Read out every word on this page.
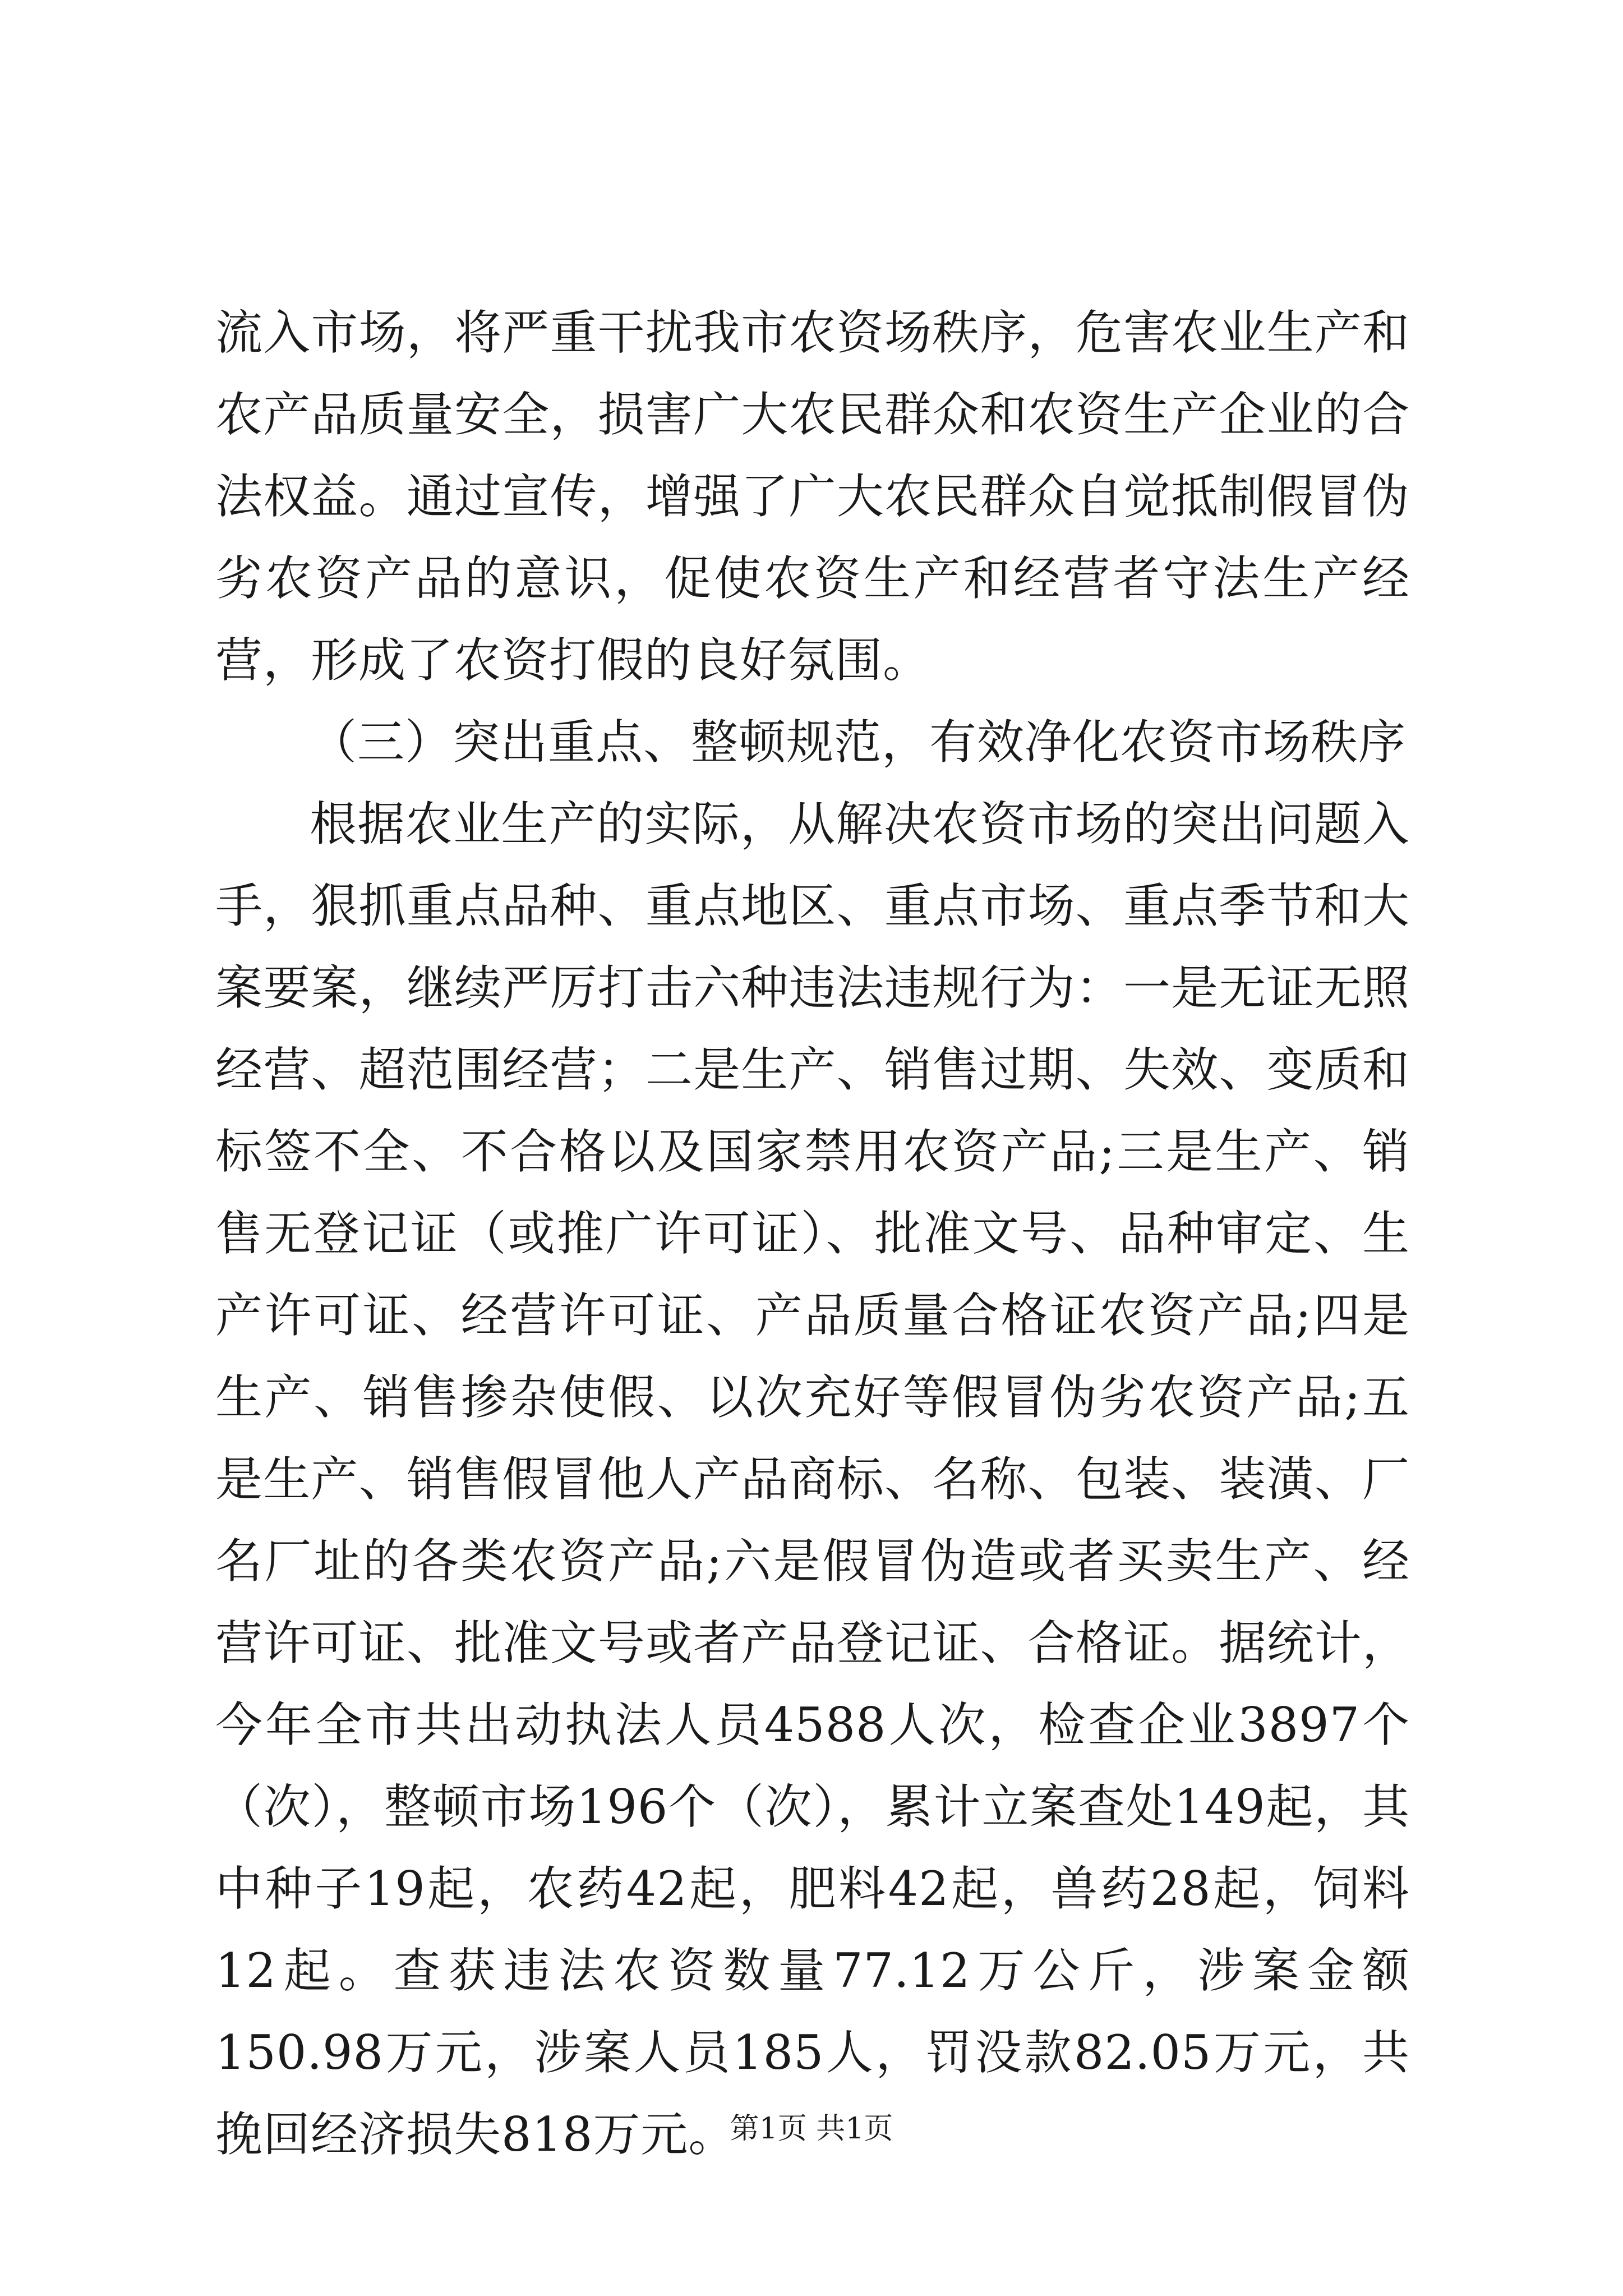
流入市场，将严重干扰我市农资场秩序，危害农业生产和农产品质量安全，损害广大农民群众和农资生产企业的合法权益。通过宣传，增强了广大农民群众自觉抵制假冒伪劣农资产品的意识，促使农资生产和经营者守法生产经营，形成了农资打假的良好氛围。

（三）突出重点、整顿规范，有效净化农资市场秩序

根据农业生产的实际，从解决农资市场的突出问题入手，狠抓重点品种、重点地区、重点市场、重点季节和大案要案，继续严厉打击六种违法违规行为：一是无证无照经营、超范围经营；二是生产、销售过期、失效、变质和标签不全、不合格以及国家禁用农资产品;三是生产、销售无登记证（或推广许可证）、批准文号、品种审定、生产许可证、经营许可证、产品质量合格证农资产品;四是生产、销售掺杂使假、以次充好等假冒伪劣农资产品;五是生产、销售假冒他人产品商标、名称、包装、装潢、厂名厂址的各类农资产品;六是假冒伪造或者买卖生产、经营许可证、批准文号或者产品登记证、合格证。据统计，今年全市共出动执法人员4588人次，检查企业3897个（次），整顿市场196个（次），累计立案查处149起，其中种子19起，农药42起，肥料42起，兽药28起，饲料12起。查获违法农资数量77.12万公斤，涉案金额150.98万元，涉案人员185人，罚没款82.05万元，共挽回经济损失818万元。

第1页 共1页
